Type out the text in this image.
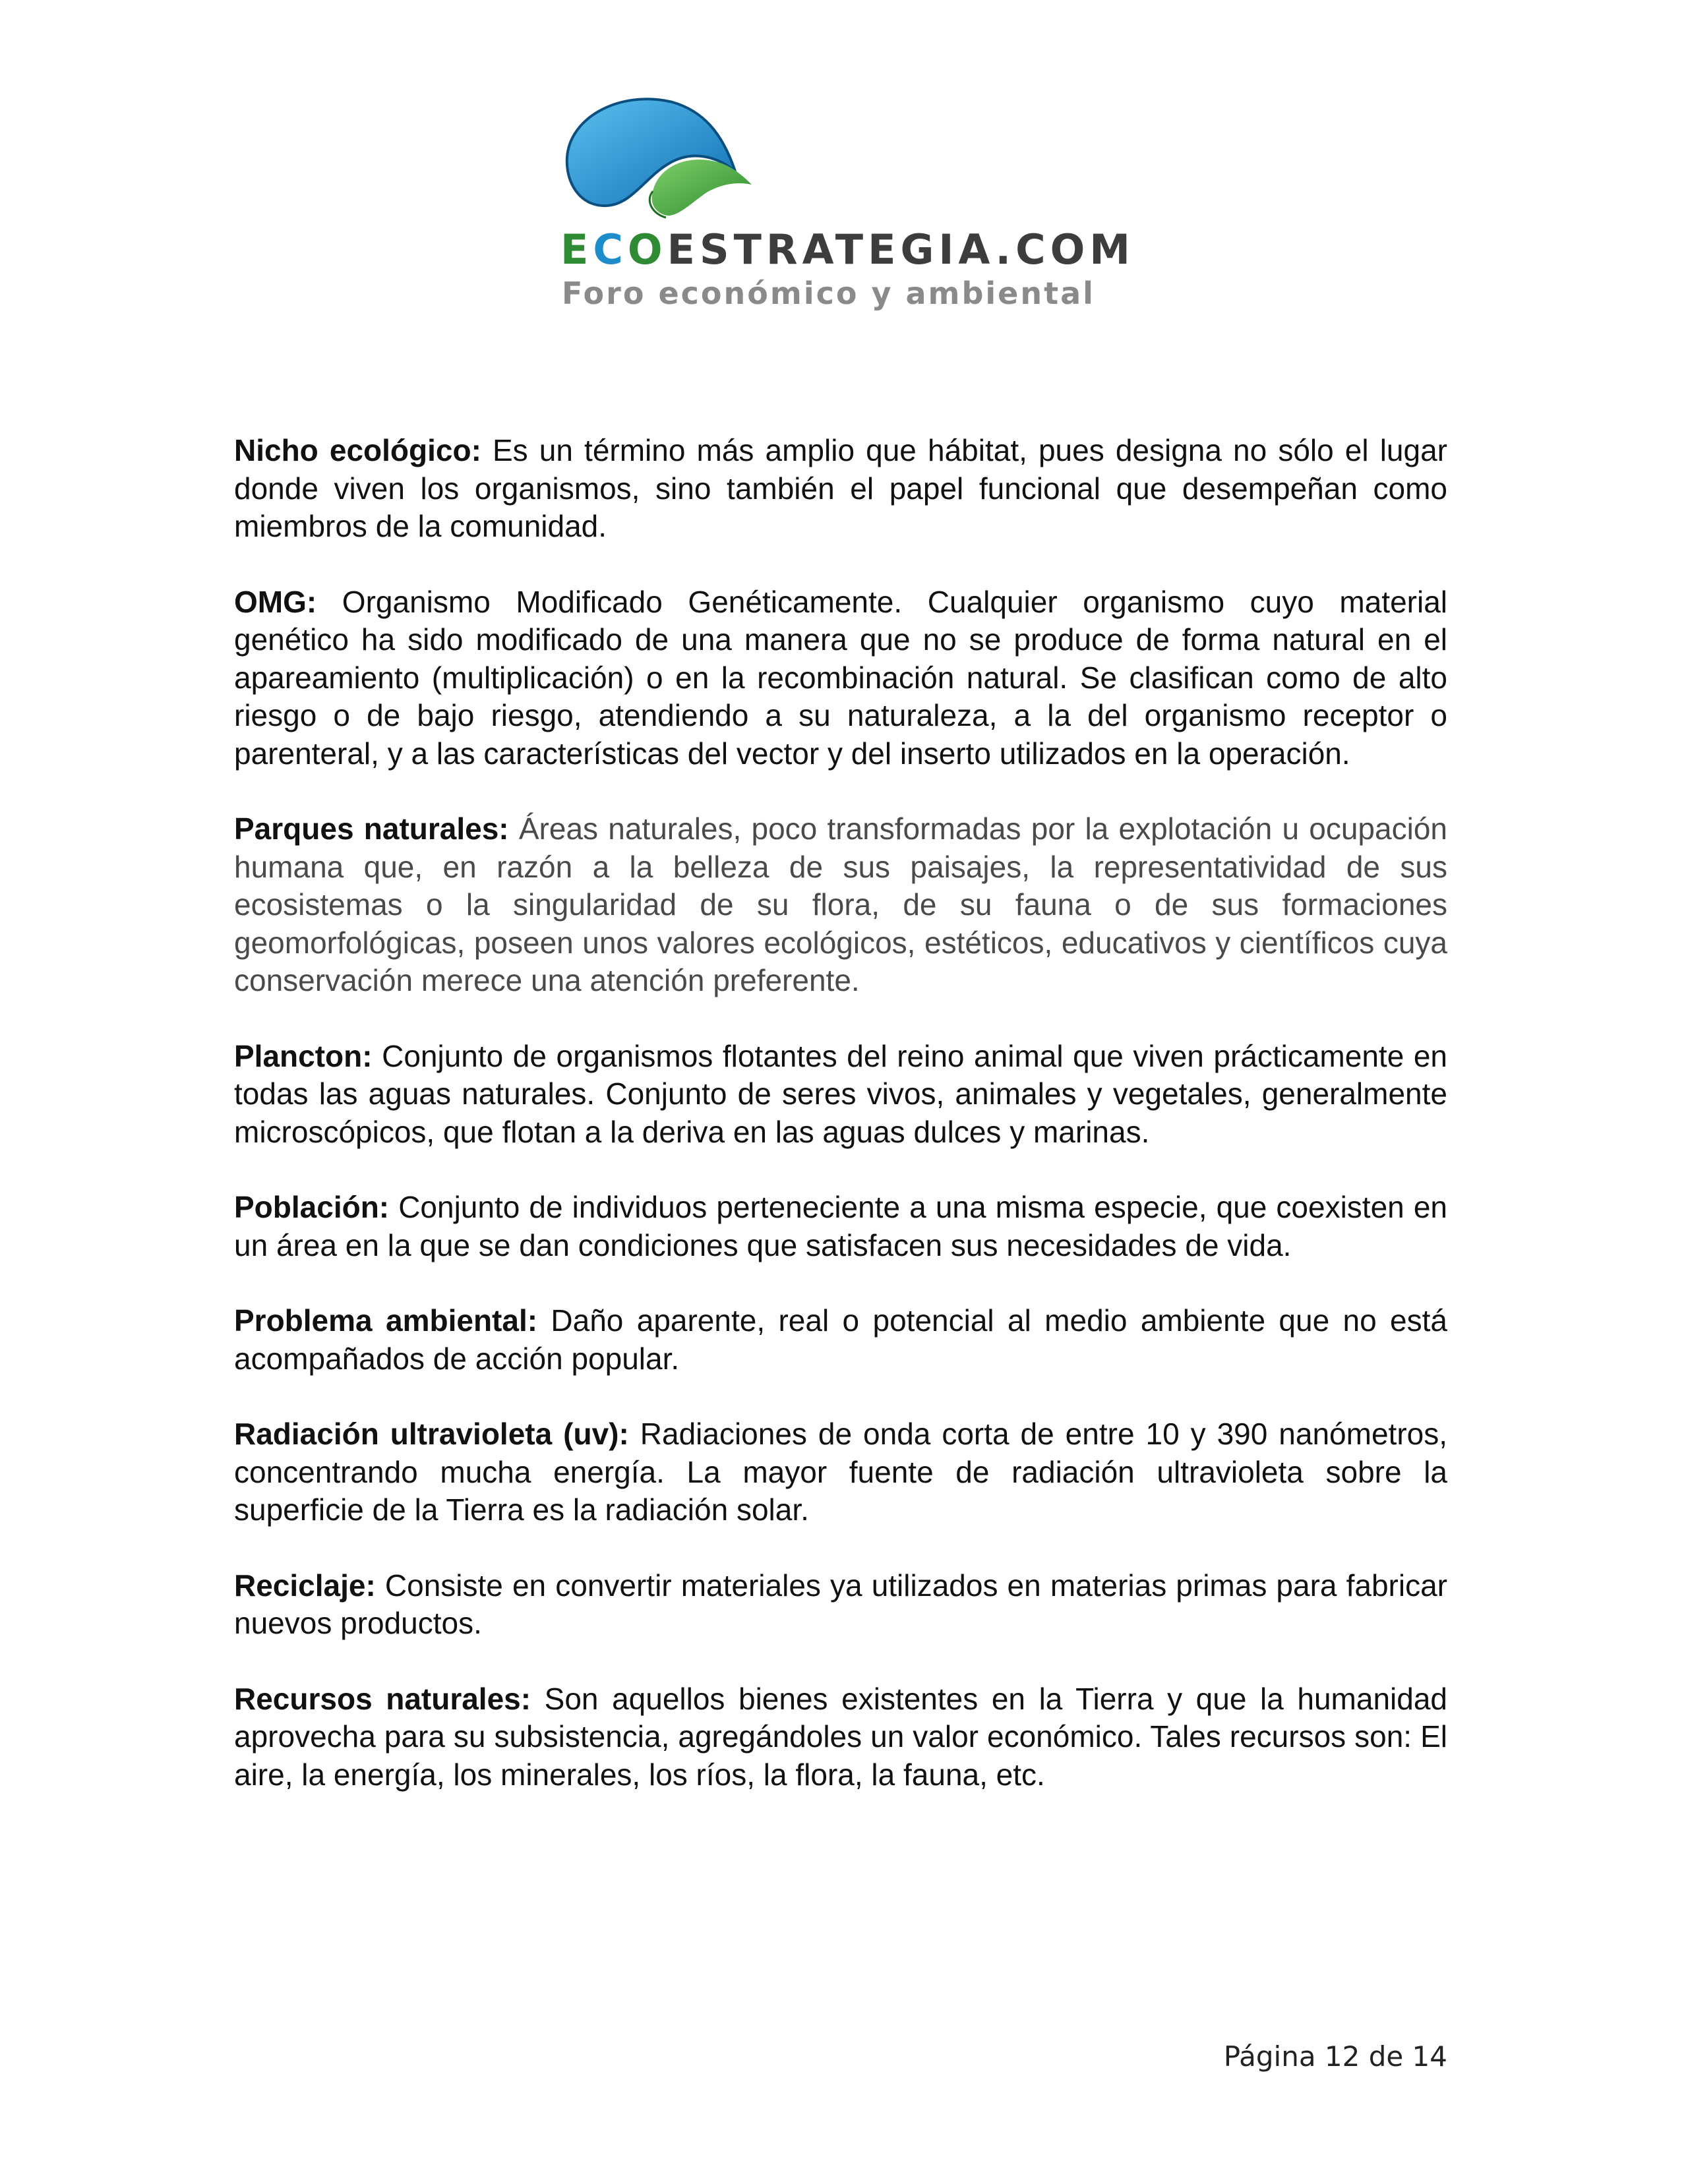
ECOESTRATEGIA.COM
Foro económico y ambiental

Nicho ecológico: Es un término más amplio que hábitat, pues designa no sólo el lugar donde viven los organismos, sino también el papel funcional que desempeñan como miembros de la comunidad.

OMG: Organismo Modificado Genéticamente. Cualquier organismo cuyo material genético ha sido modificado de una manera que no se produce de forma natural en el apareamiento (multiplicación) o en la recombinación natural. Se clasifican como de alto riesgo o de bajo riesgo, atendiendo a su naturaleza, a la del organismo receptor o parenteral, y a las características del vector y del inserto utilizados en la operación.

Parques naturales: Áreas naturales, poco transformadas por la explotación u ocupación humana que, en razón a la belleza de sus paisajes, la representatividad de sus ecosistemas o la singularidad de su flora, de su fauna o de sus formaciones geomorfológicas, poseen unos valores ecológicos, estéticos, educativos y científicos cuya conservación merece una atención preferente.

Plancton: Conjunto de organismos flotantes del reino animal que viven prácticamente en todas las aguas naturales. Conjunto de seres vivos, animales y vegetales, generalmente microscópicos, que flotan a la deriva en las aguas dulces y marinas.

Población: Conjunto de individuos perteneciente a una misma especie, que coexisten en un área en la que se dan condiciones que satisfacen sus necesidades de vida.

Problema ambiental: Daño aparente, real o potencial al medio ambiente que no está acompañados de acción popular.

Radiación ultravioleta (uv): Radiaciones de onda corta de entre 10 y 390 nanómetros, concentrando mucha energía. La mayor fuente de radiación ultravioleta sobre la superficie de la Tierra es la radiación solar.

Reciclaje: Consiste en convertir materiales ya utilizados en materias primas para fabricar nuevos productos.

Recursos naturales: Son aquellos bienes existentes en la Tierra y que la humanidad aprovecha para su subsistencia, agregándoles un valor económico. Tales recursos son: El aire, la energía, los minerales, los ríos, la flora, la fauna, etc.

Página 12 de 14
